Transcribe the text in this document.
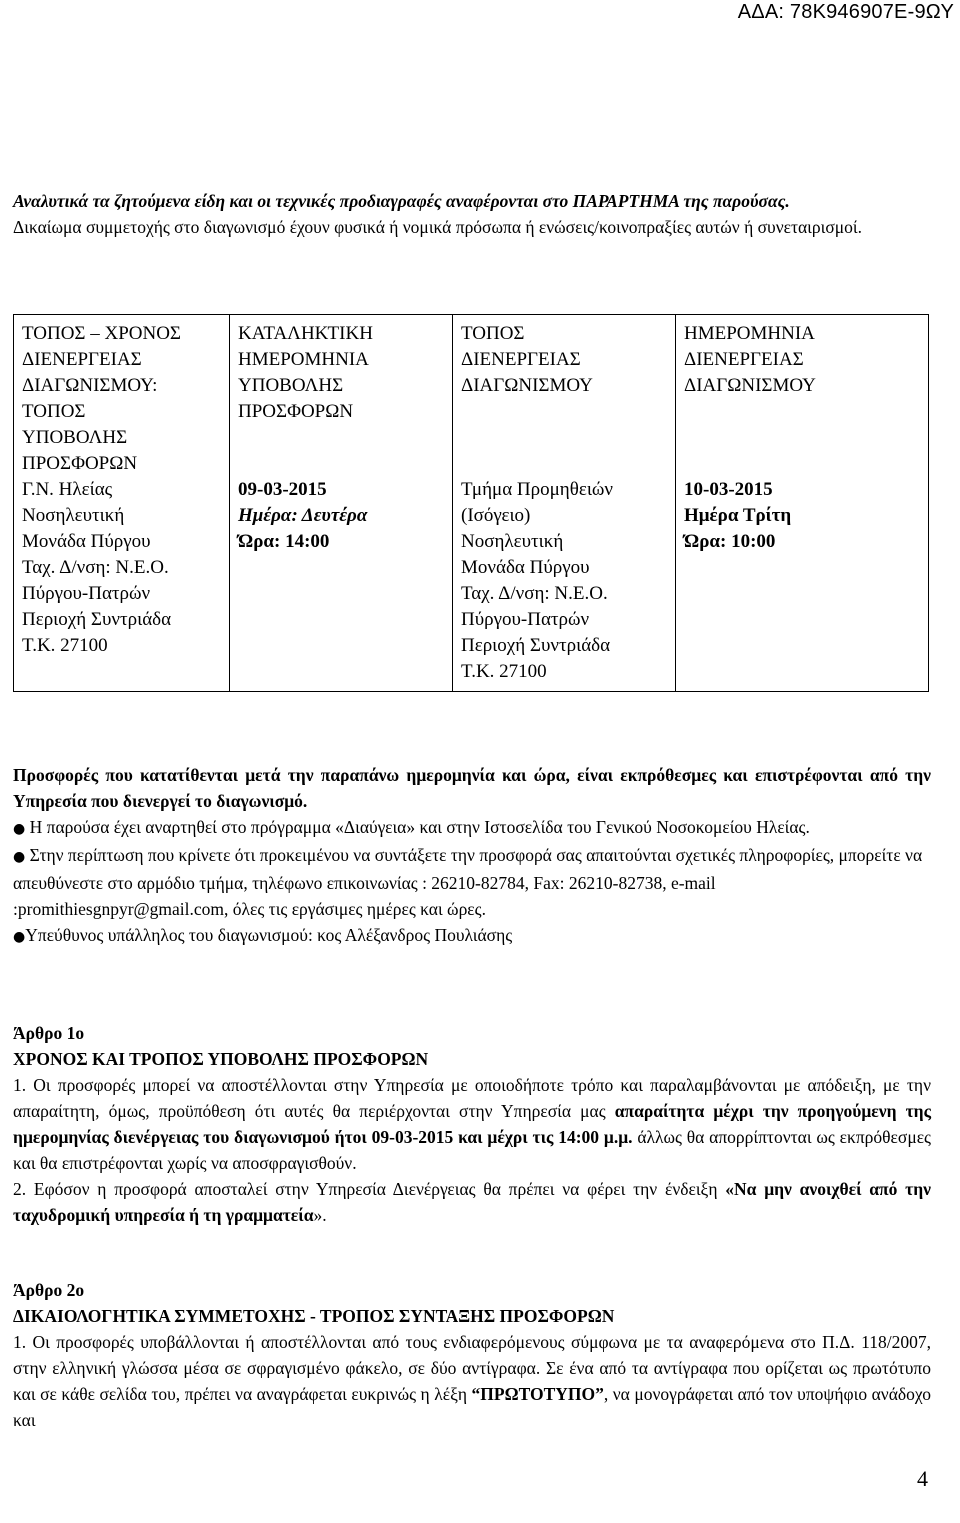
ΑΔΑ: 78Κ946907Ε-9ΩΥ

Αναλυτικά τα ζητούμενα είδη και οι τεχνικές προδιαγραφές αναφέρονται στο ΠΑΡΑΡΤΗΜΑ της παρούσας.

Δικαίωμα συμμετοχής στο διαγωνισμό έχουν φυσικά ή νομικά πρόσωπα ή ενώσεις/κοινοπραξίες αυτών ή συνεταιρισμοί.

ΤΟΠΟΣ – ΧΡΟΝΟΣ
ΔΙΕΝΕΡΓΕΙΑΣ
ΔΙΑΓΩΝΙΣΜΟΥ:
ΤΟΠΟΣ
ΥΠΟΒΟΛΗΣ
ΠΡΟΣΦΟΡΩΝ
Γ.Ν. Ηλείας
Νοσηλευτική
Μονάδα Πύργου
Ταχ. Δ/νση: Ν.Ε.Ο.
Πύργου-Πατρών
Περιοχή Συντριάδα
Τ.Κ. 27100

ΚΑΤΑΛΗΚΤΙΚΗ
ΗΜΕΡΟΜΗΝΙΑ
ΥΠΟΒΟΛΗΣ
ΠΡΟΣΦΟΡΩΝ
09-03-2015
Ημέρα: Δευτέρα
Ώρα: 14:00

ΤΟΠΟΣ
ΔΙΕΝΕΡΓΕΙΑΣ
ΔΙΑΓΩΝΙΣΜΟΥ
Τμήμα Προμηθειών
(Ισόγειο)
Νοσηλευτική
Μονάδα Πύργου
Ταχ. Δ/νση: Ν.Ε.Ο.
Πύργου-Πατρών
Περιοχή Συντριάδα
Τ.Κ. 27100

ΗΜΕΡΟΜΗΝΙΑ
ΔΙΕΝΕΡΓΕΙΑΣ
ΔΙΑΓΩΝΙΣΜΟΥ
10-03-2015
Ημέρα Τρίτη
Ώρα: 10:00

Προσφορές που κατατίθενται μετά την παραπάνω ημερομηνία και ώρα, είναι εκπρόθεσμες και επιστρέφονται από την Υπηρεσία που διενεργεί το διαγωνισμό.

● Η παρούσα έχει αναρτηθεί στο πρόγραμμα «Διαύγεια» και στην Ιστοσελίδα του Γενικού Νοσοκομείου Ηλείας.

● Στην περίπτωση που κρίνετε ότι προκειμένου να συντάξετε την προσφορά σας απαιτούνται σχετικές πληροφορίες, μπορείτε να απευθύνεστε στο αρμόδιο τμήμα, τηλέφωνο επικοινωνίας : 26210-82784, Fax: 26210-82738, e-mail :promithiesgnpyr@gmail.com, όλες τις εργάσιμες ημέρες και ώρες.

●Υπεύθυνος υπάλληλος του διαγωνισμού: κος Αλέξανδρος Πουλιάσης

Άρθρο 1ο

ΧΡΟΝΟΣ ΚΑΙ ΤΡΟΠΟΣ ΥΠΟΒΟΛΗΣ ΠΡΟΣΦΟΡΩΝ

1. Οι προσφορές μπορεί να αποστέλλονται στην Υπηρεσία με οποιοδήποτε τρόπο και παραλαμβάνονται με απόδειξη, με την απαραίτητη, όμως, προϋπόθεση ότι αυτές θα περιέρχονται στην Υπηρεσία μας απαραίτητα μέχρι την προηγούμενη της ημερομηνίας διενέργειας του διαγωνισμού ήτοι 09-03-2015 και μέχρι τις 14:00 μ.μ. άλλως θα απορρίπτονται ως εκπρόθεσμες και θα επιστρέφονται χωρίς να αποσφραγισθούν.

2. Εφόσον η προσφορά αποσταλεί στην Υπηρεσία Διενέργειας θα πρέπει να φέρει την ένδειξη «Να μην ανοιχθεί από την ταχυδρομική υπηρεσία ή τη γραμματεία».

Άρθρο 2ο

ΔΙΚΑΙΟΛΟΓΗΤΙΚΑ ΣΥΜΜΕΤΟΧΗΣ - ΤΡΟΠΟΣ ΣΥΝΤΑΞΗΣ ΠΡΟΣΦΟΡΩΝ

1. Οι προσφορές υποβάλλονται ή αποστέλλονται από τους ενδιαφερόμενους σύμφωνα με τα αναφερόμενα στο Π.Δ. 118/2007, στην ελληνική γλώσσα μέσα σε σφραγισμένο φάκελο, σε δύο αντίγραφα. Σε ένα από τα αντίγραφα που ορίζεται ως πρωτότυπο και σε κάθε σελίδα του, πρέπει να αναγράφεται ευκρινώς η λέξη “ΠΡΩΤΟΤΥΠΟ”, να μονογράφεται από τον υποψήφιο ανάδοχο και

4
